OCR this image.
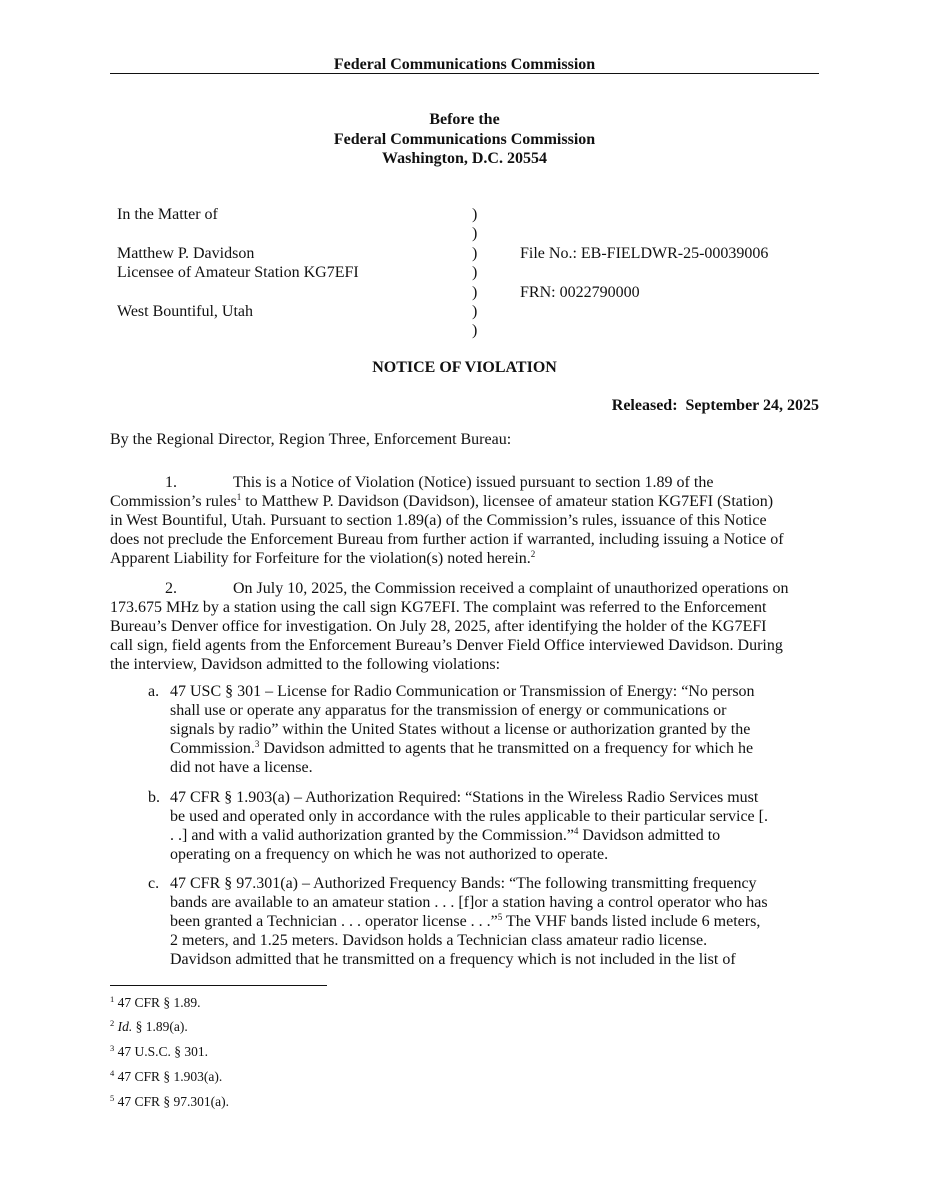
Federal Communications Commission
Before the
Federal Communications Commission
Washington, D.C. 20554
In the Matter of
Matthew P. Davidson
Licensee of Amateur Station KG7EFI
West Bountiful, Utah
)
)
)
)
)
)
)
File No.: EB-FIELDWR-25-00039006
FRN: 0022790000
NOTICE OF VIOLATION
Released:  September 24, 2025
By the Regional Director, Region Three, Enforcement Bureau:
1.	This is a Notice of Violation (Notice) issued pursuant to section 1.89 of the
Commission’s rules$^1$ to Matthew P. Davidson (Davidson), licensee of amateur station KG7EFI (Station)
in West Bountiful, Utah. Pursuant to section 1.89(a) of the Commission’s rules, issuance of this Notice
does not preclude the Enforcement Bureau from further action if warranted, including issuing a Notice of
Apparent Liability for Forfeiture for the violation(s) noted herein.$^2$
2.	On July 10, 2025, the Commission received a complaint of unauthorized operations on
173.675 MHz by a station using the call sign KG7EFI. The complaint was referred to the Enforcement
Bureau’s Denver office for investigation. On July 28, 2025, after identifying the holder of the KG7EFI
call sign, field agents from the Enforcement Bureau’s Denver Field Office interviewed Davidson. During
the interview, Davidson admitted to the following violations:
a. 47 USC § 301 – License for Radio Communication or Transmission of Energy: “No person
shall use or operate any apparatus for the transmission of energy or communications or
signals by radio” within the United States without a license or authorization granted by the
Commission.$^3$ Davidson admitted to agents that he transmitted on a frequency for which he
did not have a license.
b. 47 CFR § 1.903(a) – Authorization Required: “Stations in the Wireless Radio Services must
be used and operated only in accordance with the rules applicable to their particular service [.
. .] and with a valid authorization granted by the Commission.”$^4$ Davidson admitted to
operating on a frequency on which he was not authorized to operate.
c. 47 CFR § 97.301(a) – Authorized Frequency Bands: “The following transmitting frequency
bands are available to an amateur station . . . [f]or a station having a control operator who has
been granted a Technician . . . operator license . . .”$^5$ The VHF bands listed include 6 meters,
2 meters, and 1.25 meters. Davidson holds a Technician class amateur radio license.
Davidson admitted that he transmitted on a frequency which is not included in the list of
$^1$ 47 CFR § 1.89.
$^2$ Id. § 1.89(a).
$^3$ 47 U.S.C. § 301.
$^4$ 47 CFR § 1.903(a).
$^5$ 47 CFR § 97.301(a).
